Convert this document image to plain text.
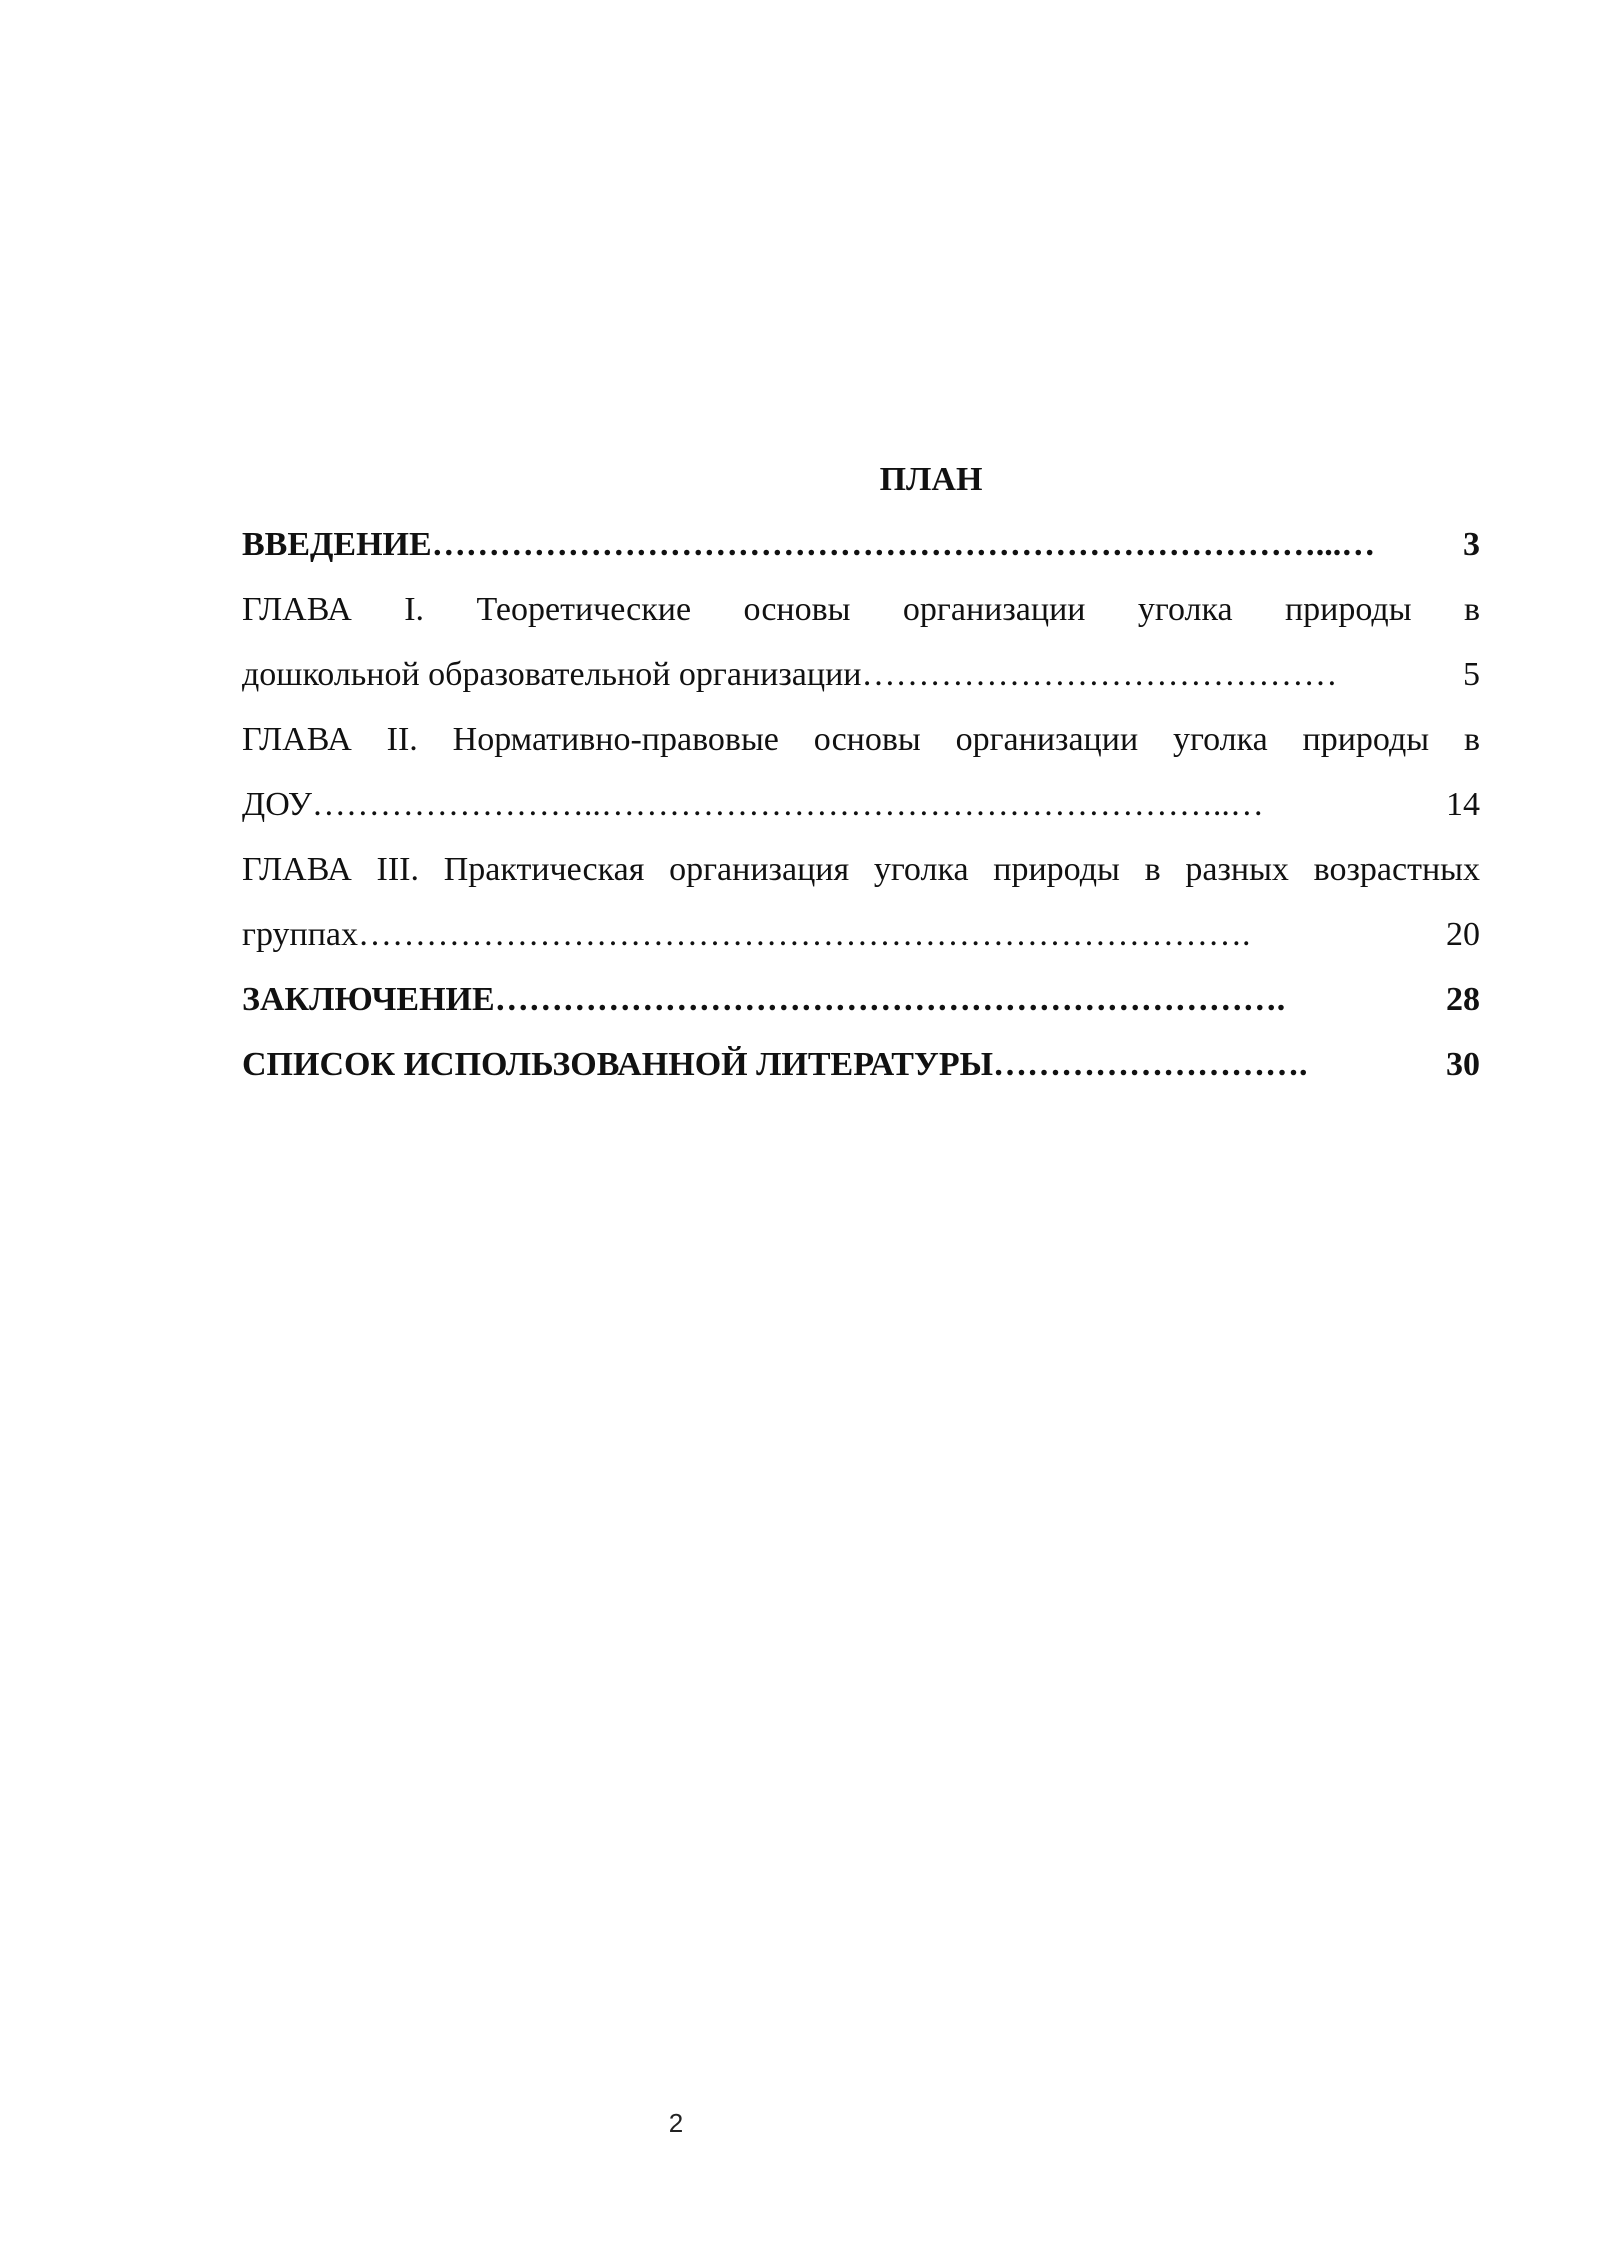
ПЛАН

ВВЕДЕНИЕ ……………………………………………………………………...…	3

ГЛАВА I. Теоретические основы организации уголка природы в
дошкольной образовательной организации ……………………………………	5

ГЛАВА II. Нормативно-правовые основы организации уголка природы в
ДОУ ……………………..………………………………………………..…	14

ГЛАВА III. Практическая организация уголка природы в разных возрастных
группах …………………………………………………………………….	20

ЗАКЛЮЧЕНИЕ …………………………………………………………….	28

СПИСОК ИСПОЛЬЗОВАННОЙ ЛИТЕРАТУРЫ ……………………….	30

2
